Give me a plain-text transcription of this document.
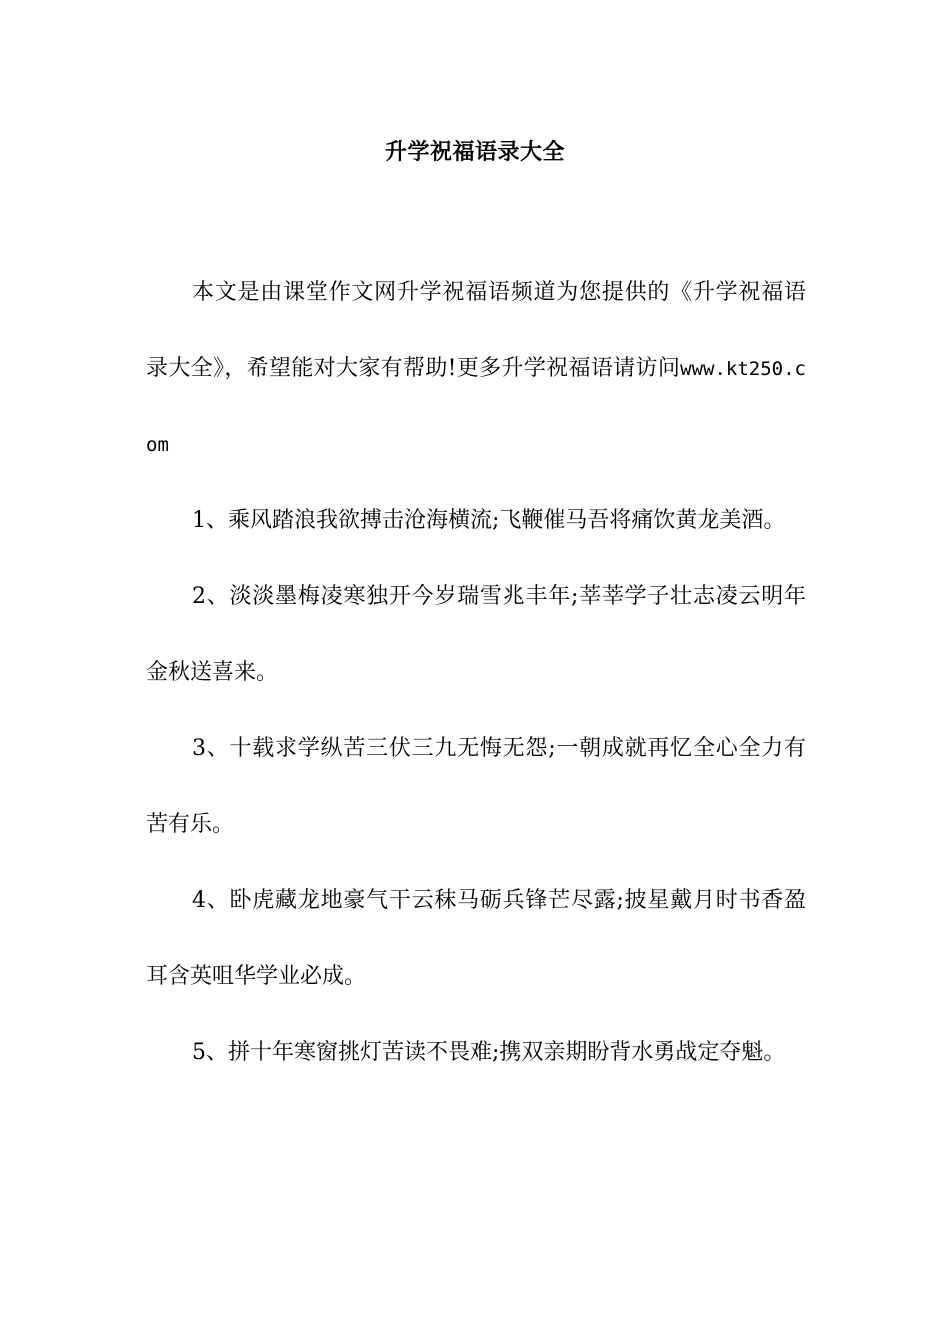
升学祝福语录大全

本文是由课堂作文网升学祝福语频道为您提供的《升学祝福语录大全》，希望能对大家有帮助!更多升学祝福语请访问www.kt250.com

1、乘风踏浪我欲搏击沧海横流;飞鞭催马吾将痛饮黄龙美酒。

2、淡淡墨梅凌寒独开今岁瑞雪兆丰年;莘莘学子壮志凌云明年金秋送喜来。

3、十载求学纵苦三伏三九无悔无怨;一朝成就再忆全心全力有苦有乐。

4、卧虎藏龙地豪气干云秣马砺兵锋芒尽露;披星戴月时书香盈耳含英咀华学业必成。

5、拼十年寒窗挑灯苦读不畏难;携双亲期盼背水勇战定夺魁。
